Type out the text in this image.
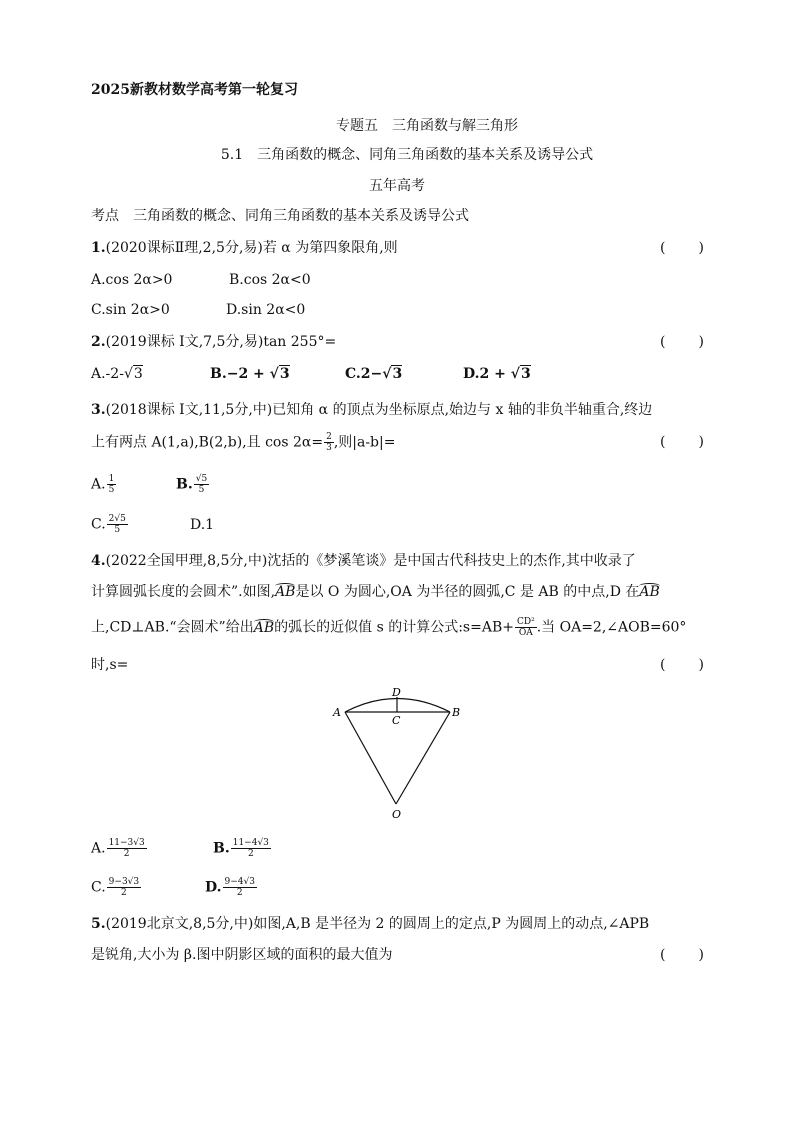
2025新教材数学高考第一轮复习
专题五　三角函数与解三角形
5.1　三角函数的概念、同角三角函数的基本关系及诱导公式
五年高考
考点　三角函数的概念、同角三角函数的基本关系及诱导公式
1.(2020课标Ⅱ理,2,5分,易)若 α 为第四象限角,则	( )
A.cos 2α>0	B.cos 2α<0
C.sin 2α>0	D.sin 2α<0
2.(2019课标 Ⅰ文,7,5分,易)tan 255°=	( )
A.-2-√3	B.−2 + √3	C.2−√3	D.2 + √3
3.(2018课标 Ⅰ文,11,5分,中)已知角 α 的顶点为坐标原点,始边与 x 轴的非负半轴重合,终边
上有两点 A(1,a),B(2,b),且 $\cos 2\alpha= \frac{2}{3}$ ,则|a-b|=	( )
A. $\frac{1}{5}$	B. $\frac{√5}{5}$
C. $\frac{2√5}{5}$	D.1
4.(2022全国甲理,8,5分,中)沈括的《梦溪笔谈》是中国古代科技史上的杰作,其中收录了
计算圆弧长度的会圆术”.如图,AB是以 O 为圆心,OA 为半径的圆弧,C 是 AB 的中点,D 在AB
上,CD⊥AB.“会圆术”给出AB的弧长的近似值 s 的计算公式:s=AB+ $\frac{\text{CD²}}{OA}$ .当 OA=2,∠AOB=60°
时,s=	( )
A	B
C
D
O
A. $\frac{11-3√3}{2}$	B. $\frac{11-4√3}{2}$
C. $\frac{9-3√3}{2}$	D. $\frac{9-4√3}{2}$
5.(2019北京文,8,5分,中)如图,A,B 是半径为 2 的圆周上的定点,P 为圆周上的动点,∠APB
是锐角,大小为 β.图中阴影区域的面积的最大值为	( )
